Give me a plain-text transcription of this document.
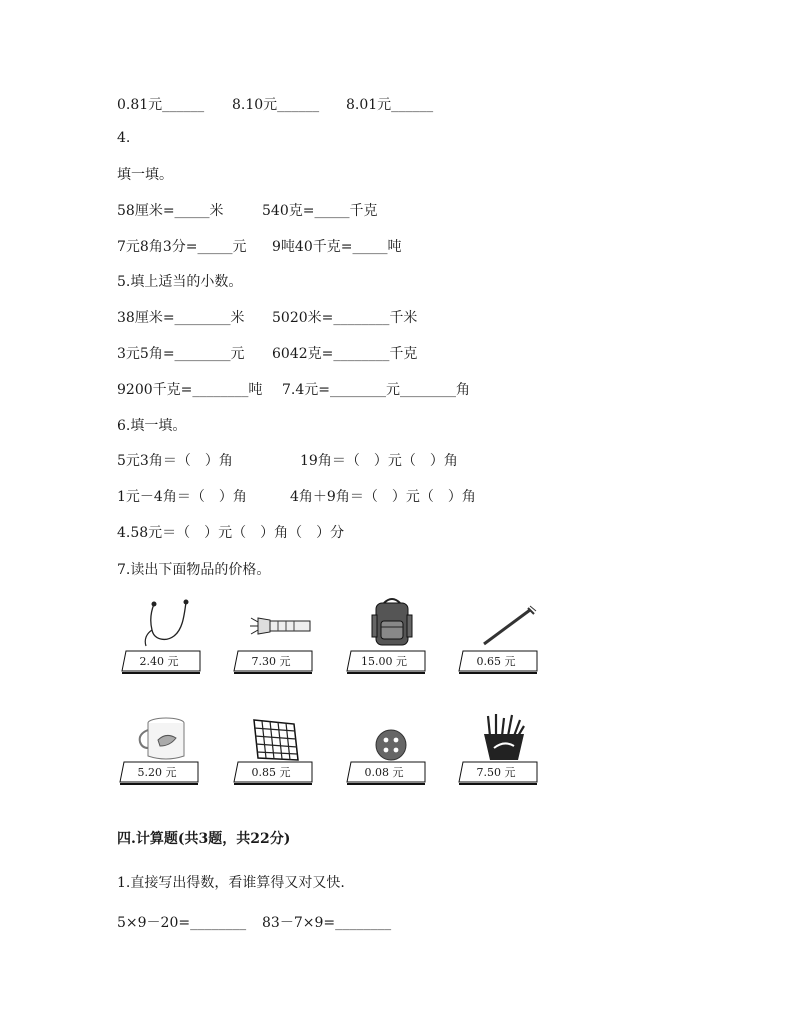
0.81元______ 8.10元______ 8.01元______
4.
填一填。
58厘米=_____米	540克=_____千克
7元8角3分=_____元 9吨40千克=_____吨
5.填上适当的小数。
38厘米=________米 5020米=________千米
3元5角=________元 6042克=________千克
9200千克=________吨 7.4元=________元________角
6.填一填。
5元3角＝（　）角	19角＝（　）元（　）角
1元－4角＝（　）角	4角＋9角＝（　）元（　）角
4.58元＝（　）元（　）角（　）分
7.读出下面物品的价格。
2.40 元	7.30 元	15.00 元	0.65 元
5.20 元	0.85 元	0.08 元	7.50 元
四.计算题(共3题，共22分)
1.直接写出得数，看谁算得又对又快.
5×9－20=________ 83－7×9=________
